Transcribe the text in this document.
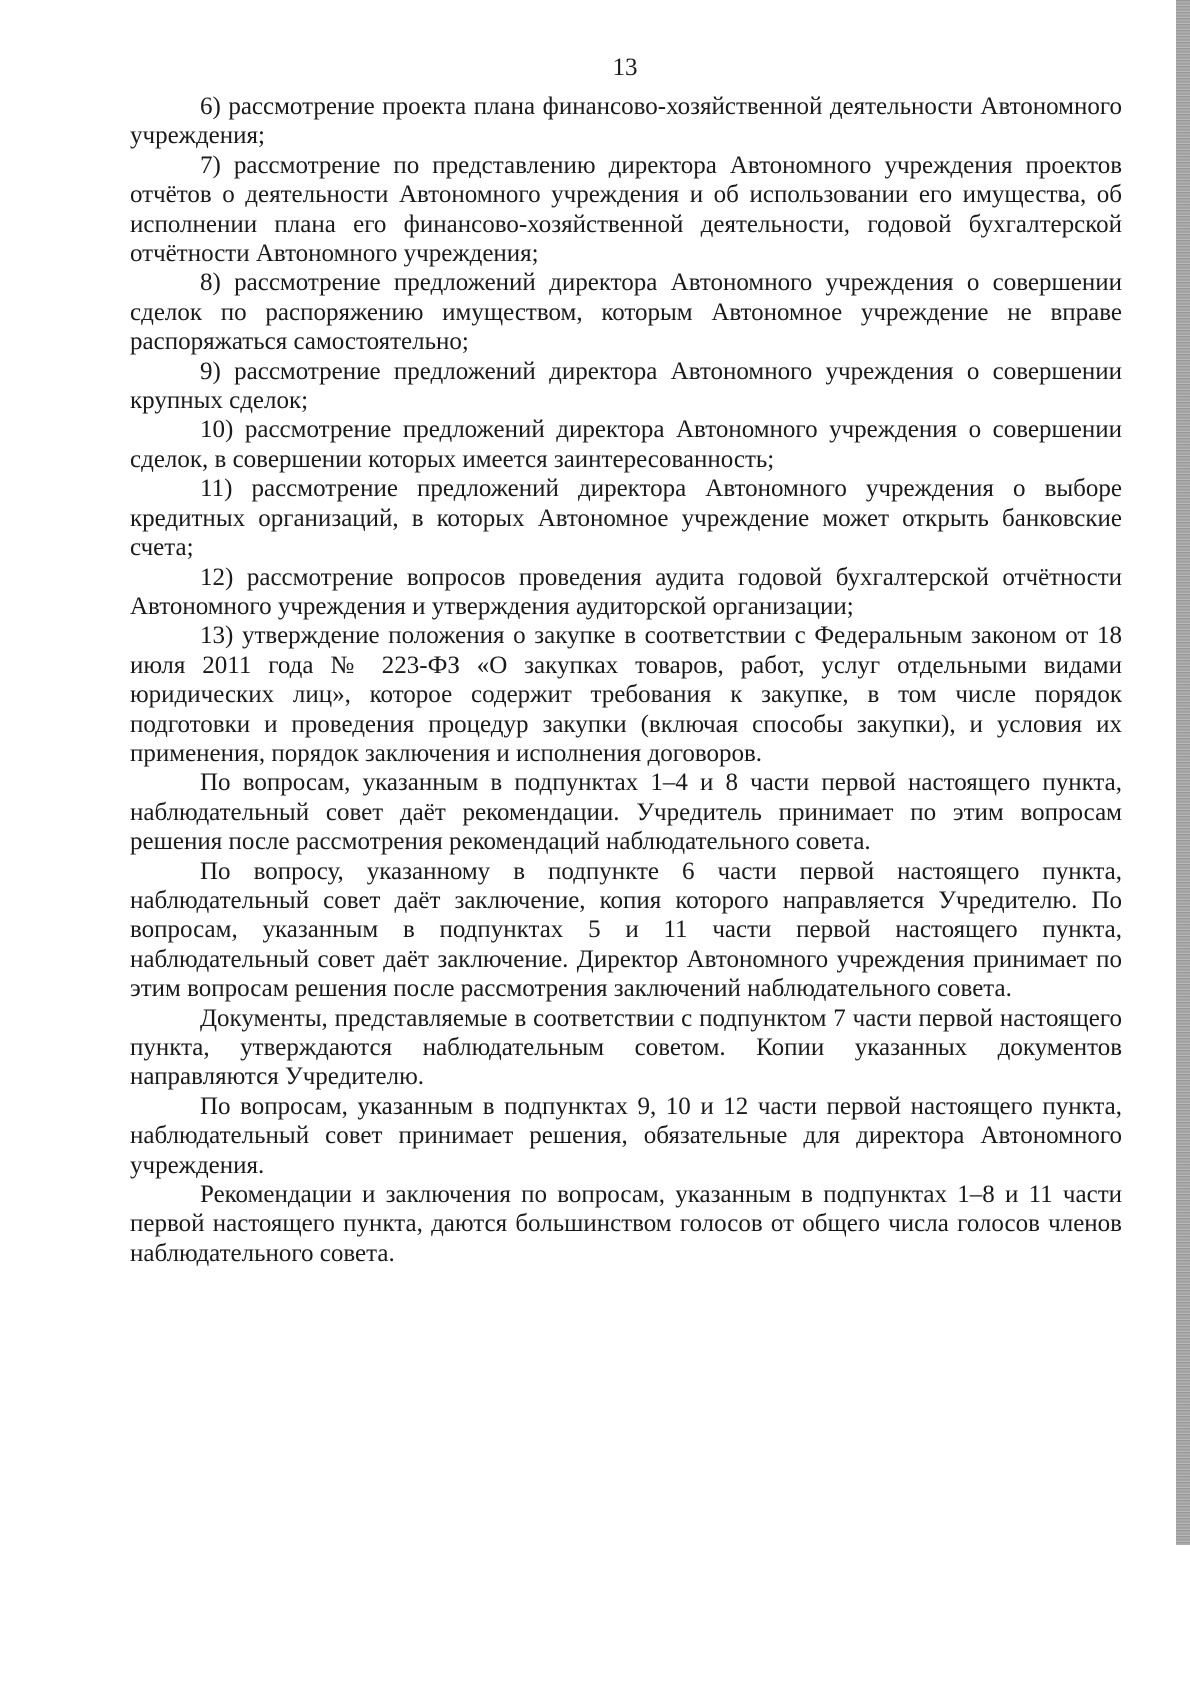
13

6) рассмотрение проекта плана финансово-хозяйственной деятельности Автономного учреждения;

7) рассмотрение по представлению директора Автономного учреждения проектов отчётов о деятельности Автономного учреждения и об использовании его имущества, об исполнении плана его финансово-хозяйственной деятельности, годовой бухгалтерской отчётности Автономного учреждения;

8) рассмотрение предложений директора Автономного учреждения о совершении сделок по распоряжению имуществом, которым Автономное учреждение не вправе распоряжаться самостоятельно;

9) рассмотрение предложений директора Автономного учреждения о совершении крупных сделок;

10) рассмотрение предложений директора Автономного учреждения о совершении сделок, в совершении которых имеется заинтересованность;

11) рассмотрение предложений директора Автономного учреждения о выборе кредитных организаций, в которых Автономное учреждение может открыть банковские счета;

12) рассмотрение вопросов проведения аудита годовой бухгалтерской отчётности Автономного учреждения и утверждения аудиторской организации;

13) утверждение положения о закупке в соответствии с Федеральным законом от 18 июля 2011 года № 223-ФЗ «О закупках товаров, работ, услуг отдельными видами юридических лиц», которое содержит требования к закупке, в том числе порядок подготовки и проведения процедур закупки (включая способы закупки), и условия их применения, порядок заключения и исполнения договоров.

По вопросам, указанным в подпунктах 1–4 и 8 части первой настоящего пункта, наблюдательный совет даёт рекомендации. Учредитель принимает по этим вопросам решения после рассмотрения рекомендаций наблюдательного совета.

По вопросу, указанному в подпункте 6 части первой настоящего пункта, наблюдательный совет даёт заключение, копия которого направляется Учредителю. По вопросам, указанным в подпунктах 5 и 11 части первой настоящего пункта, наблюдательный совет даёт заключение. Директор Автономного учреждения принимает по этим вопросам решения после рассмотрения заключений наблюдательного совета.

Документы, представляемые в соответствии с подпунктом 7 части первой настоящего пункта, утверждаются наблюдательным советом. Копии указанных документов направляются Учредителю.

По вопросам, указанным в подпунктах 9, 10 и 12 части первой настоящего пункта, наблюдательный совет принимает решения, обязательные для директора Автономного учреждения.

Рекомендации и заключения по вопросам, указанным в подпунктах 1–8 и 11 части первой настоящего пункта, даются большинством голосов от общего числа голосов членов наблюдательного совета.
